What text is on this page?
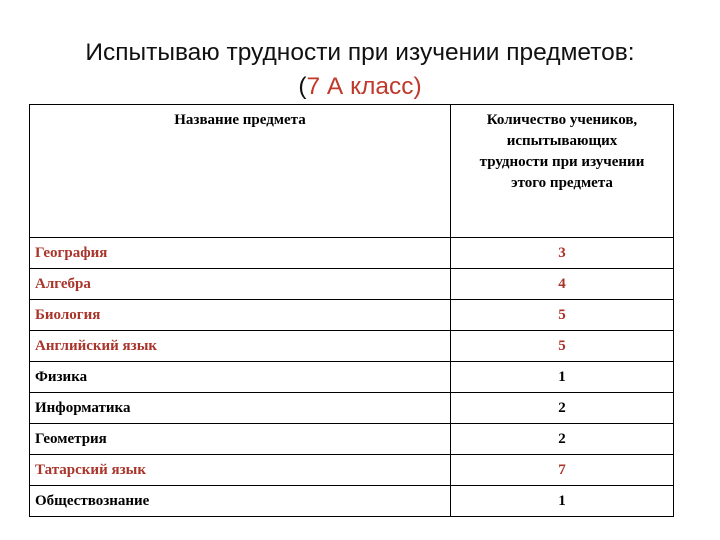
Испытываю трудности при изучении предметов:
(7 А класс)
Название предмета	Количество учеников, испытывающих трудности при изучении этого предмета
География	3
Алгебра	4
Биология	5
Английский язык	5
Физика	1
Информатика	2
Геометрия	2
Татарский язык	7
Обществознание	1
